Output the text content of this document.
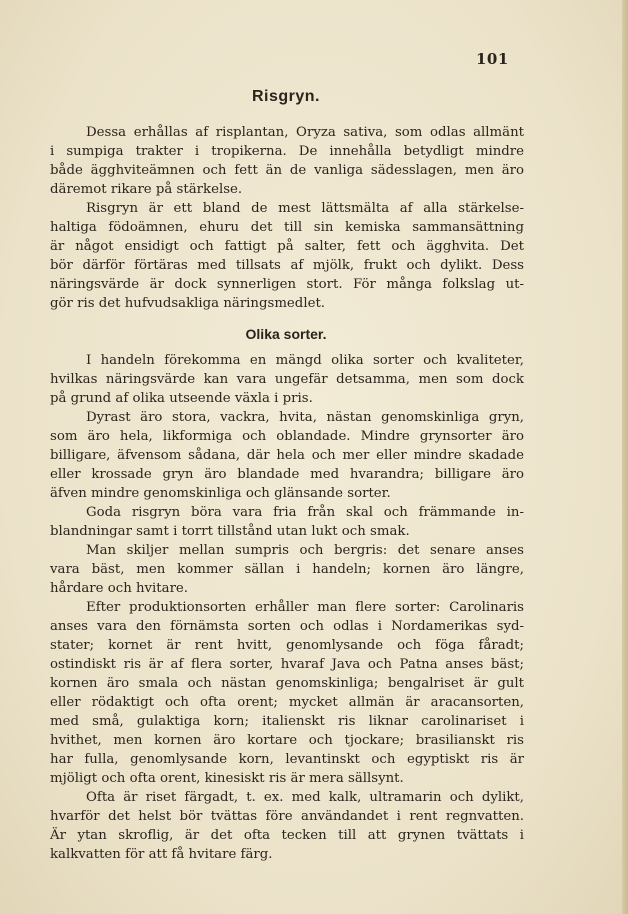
101
Risgryn.
Dessa erhållas af risplantan, Oryza sativa, som odlas allmänt
i sumpiga trakter i tropikerna. De innehålla betydligt mindre
både ägghviteämnen och fett än de vanliga sädesslagen, men äro
däremot rikare på stärkelse.
Risgryn är ett bland de mest lättsmälta af alla stärkelse-
haltiga födoämnen, ehuru det till sin kemiska sammansättning
är något ensidigt och fattigt på salter, fett och ägghvita. Det
bör därför förtäras med tillsats af mjölk, frukt och dylikt. Dess
näringsvärde är dock synnerligen stort. För många folkslag ut-
gör ris det hufvudsakliga näringsmedlet.
Olika sorter.
I handeln förekomma en mängd olika sorter och kvaliteter,
hvilkas näringsvärde kan vara ungefär detsamma, men som dock
på grund af olika utseende växla i pris.
Dyrast äro stora, vackra, hvita, nästan genomskinliga gryn,
som äro hela, likformiga och oblandade. Mindre grynsorter äro
billigare, äfvensom sådana, där hela och mer eller mindre skadade
eller krossade gryn äro blandade med hvarandra; billigare äro
äfven mindre genomskinliga och glänsande sorter.
Goda risgryn böra vara fria från skal och främmande in-
blandningar samt i torrt tillstånd utan lukt och smak.
Man skiljer mellan sumpris och bergris: det senare anses
vara bäst, men kommer sällan i handeln; kornen äro längre,
hårdare och hvitare.
Efter produktionsorten erhåller man flere sorter: Carolinaris
anses vara den förnämsta sorten och odlas i Nordamerikas syd-
stater; kornet är rent hvitt, genomlysande och föga fåradt;
ostindiskt ris är af flera sorter, hvaraf Java och Patna anses bäst;
kornen äro smala och nästan genomskinliga; bengalriset är gult
eller rödaktigt och ofta orent; mycket allmän är aracansorten,
med små, gulaktiga korn; italienskt ris liknar carolinariset i
hvithet, men kornen äro kortare och tjockare; brasilianskt ris
har fulla, genomlysande korn, levantinskt och egyptiskt ris är
mjöligt och ofta orent, kinesiskt ris är mera sällsynt.
Ofta är riset färgadt, t. ex. med kalk, ultramarin och dylikt,
hvarför det helst bör tvättas före användandet i rent regnvatten.
Är ytan skroflig, är det ofta tecken till att grynen tvättats i
kalkvatten för att få hvitare färg.
